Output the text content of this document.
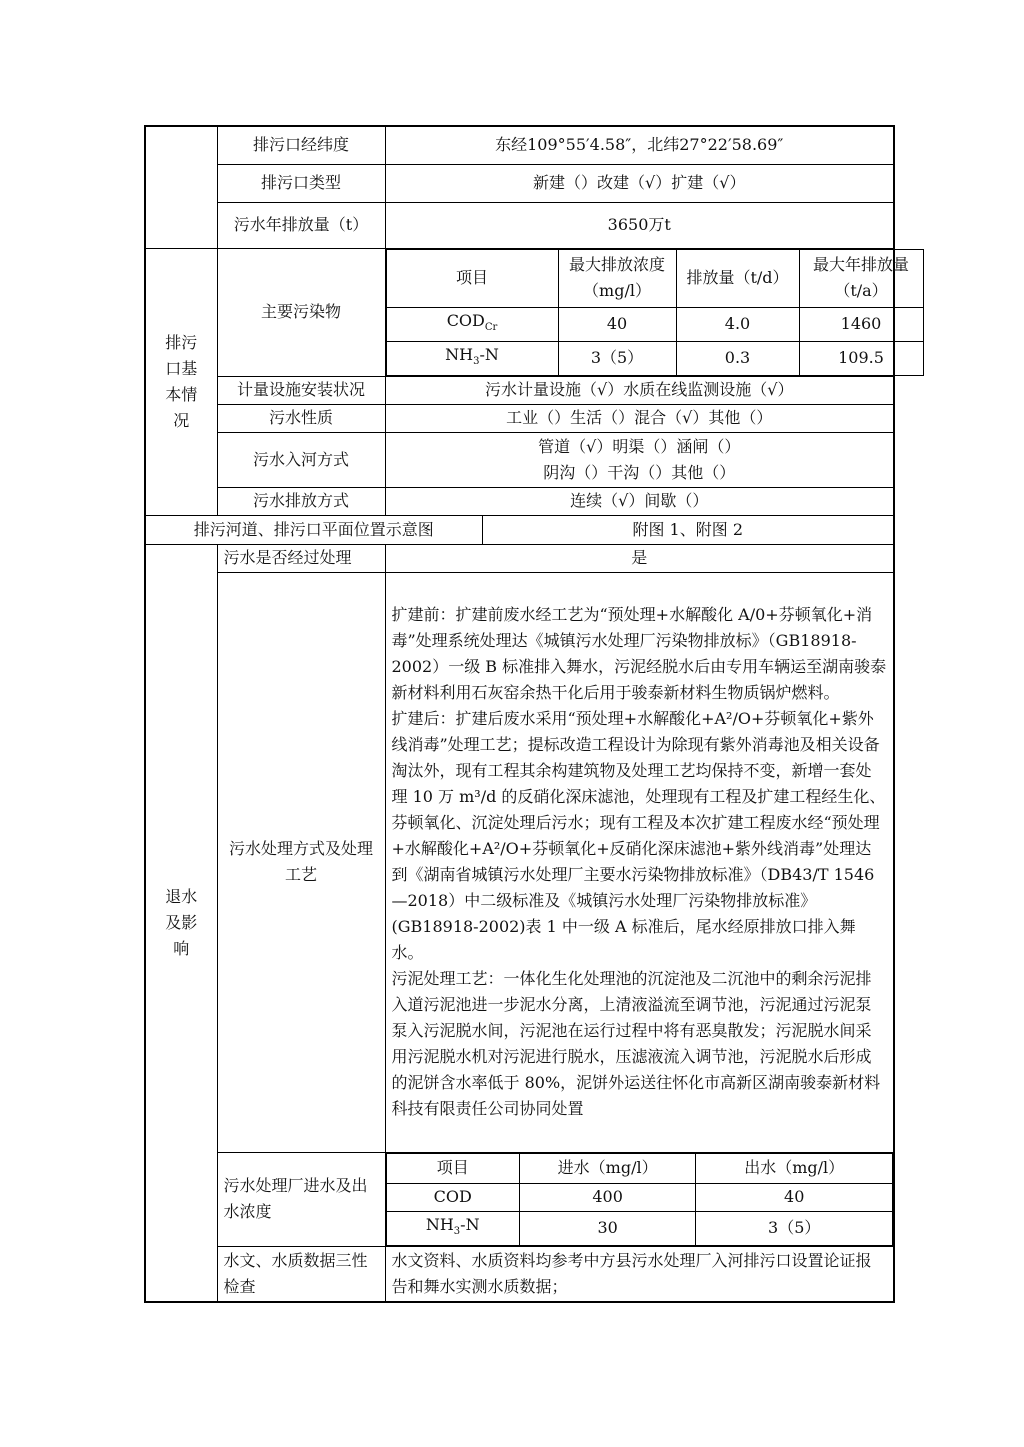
	排污口经纬度	东经109°55′4.58″，北纬27°22′58.69″
排污口类型	新建（）改建（√）扩建（√）
污水年排放量（t）	3650万t
排污口基本情况	主要污染物	
项目	最大排放浓度（mg/l）	排放量（t/d）	最大年排放量（t/a）
$COD_{Cr}$	40	4.0	1460
$NH_3-N$	3（5）	0.3	109.5

计量设施安装状况	污水计量设施（√）水质在线监测设施（√）
污水性质	工业（）生活（）混合（√）其他（）
污水入河方式	
管道（√）明渠（）涵闸（）
阴沟（）干沟（）其他（）

污水排放方式	连续（√）间歇（）
排污河道、排污口平面位置示意图	附图 1、附图 2
退水及影响	污水是否经过处理	是
污水处理方式及处理工艺	扩建前：扩建前废水经工艺为“预处理+水解酸化 A/0+芬顿氧化+消毒”处理系统处理达《城镇污水处理厂污染物排放标》（GB18918-2002）一级 B 标准排入舞水，污泥经脱水后由专用车辆运至湖南骏泰新材料利用石灰窑余热干化后用于骏泰新材料生物质锅炉燃料。
扩建后：扩建后废水采用“预处理+水解酸化+A²/O+芬顿氧化+紫外线消毒”处理工艺；提标改造工程设计为除现有紫外消毒池及相关设备淘汰外，现有工程其余构建筑物及处理工艺均保持不变，新增一套处理 10 万 m³/d 的反硝化深床滤池，处理现有工程及扩建工程经生化、芬顿氧化、沉淀处理后污水；现有工程及本次扩建工程废水经“预处理+水解酸化+A²/O+芬顿氧化+反硝化深床滤池+紫外线消毒”处理达到《湖南省城镇污水处理厂主要水污染物排放标准》（DB43/T 1546—2018）中二级标准及《城镇污水处理厂污染物排放标准》(GB18918-2002)表 1 中一级 A 标准后，尾水经原排放口排入舞水。
污泥处理工艺：一体化生化处理池的沉淀池及二沉池中的剩余污泥排入道污泥池进一步泥水分离，上清液溢流至调节池，污泥通过污泥泵泵入污泥脱水间，污泥池在运行过程中将有恶臭散发；污泥脱水间采用污泥脱水机对污泥进行脱水，压滤液流入调节池，污泥脱水后形成的泥饼含水率低于 80%，泥饼外运送往怀化市高新区湖南骏泰新材料科技有限责任公司协同处置
污水处理厂进水及出水浓度	
项目	进水（mg/l）	出水（mg/l）
COD	400	40
$NH_3-N$	30	3（5）

水文、水质数据三性检查	水文资料、水质资料均参考中方县污水处理厂入河排污口设置论证报告和舞水实测水质数据；
